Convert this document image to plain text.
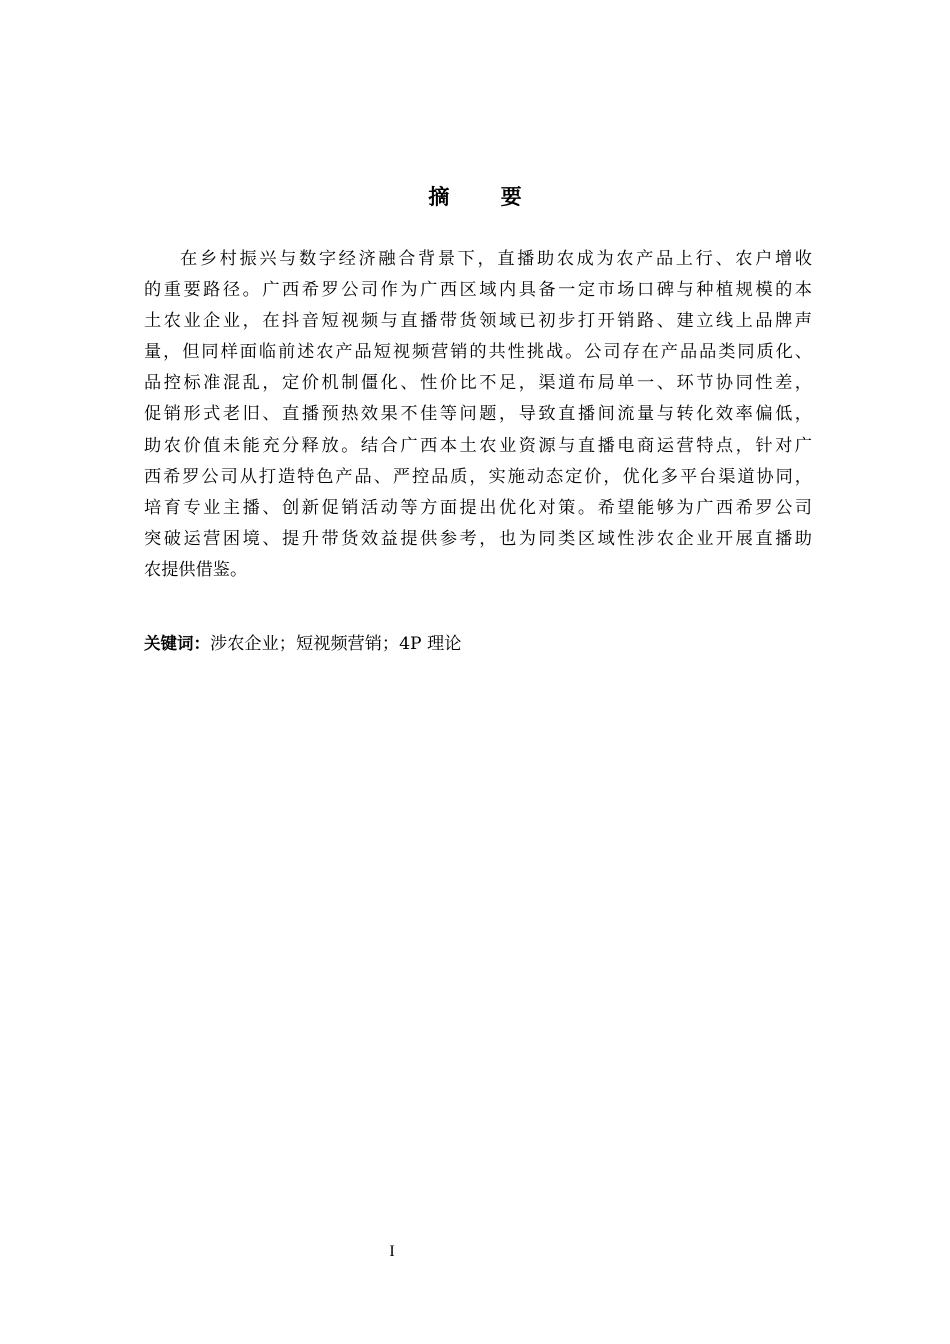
摘 要
在乡村振兴与数字经济融合背景下，直播助农成为农产品上行、农户增收
的重要路径。广西希罗公司作为广西区域内具备一定市场口碑与种植规模的本
土农业企业，在抖音短视频与直播带货领域已初步打开销路、建立线上品牌声
量，但同样面临前述农产品短视频营销的共性挑战。公司存在产品品类同质化、
品控标准混乱，定价机制僵化、性价比不足，渠道布局单一、环节协同性差，
促销形式老旧、直播预热效果不佳等问题，导致直播间流量与转化效率偏低，
助农价值未能充分释放。结合广西本土农业资源与直播电商运营特点，针对广
西希罗公司从打造特色产品、严控品质，实施动态定价，优化多平台渠道协同，
培育专业主播、创新促销活动等方面提出优化对策。希望能够为广西希罗公司
突破运营困境、提升带货效益提供参考，也为同类区域性涉农企业开展直播助
农提供借鉴。
关键词：涉农企业；短视频营销；4P 理论
I
